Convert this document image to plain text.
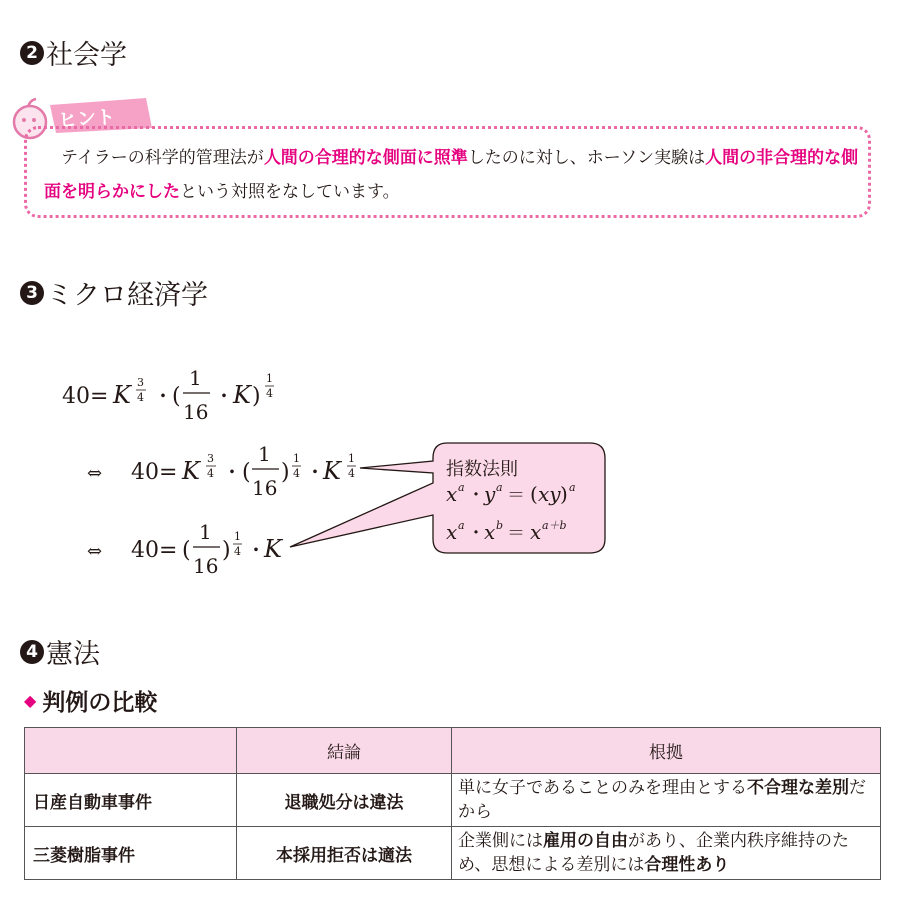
2 社会学
ヒント
　テイラーの科学的管理法が人間の合理的な側面に照準したのに対し、ホーソン実験は人間の非合理的な側面を明らかにしたという対照をなしています。
3 ミクロ経済学
40 = K 3
4 ・ (
1
16
・ K )
1
4
⇔ 40 = K 3
4 ・ (
1
16
)
1
4 ・
K 1
4
⇔ 40 = (
1
16
)
1
4 ・
K
指数法則
x a ・ y a ＝ ( xy ) a
x a ・ x b ＝ x a＋b
4 憲法
◆ 判例の比較
	結論	根拠
日産自動車事件	退職処分は違法	単に女子であることのみを理由とする不合理な差別だから
三菱樹脂事件	本採用拒否は適法	企業側には雇用の自由があり、企業内秩序維持のため、思想による差別には合理性あり
